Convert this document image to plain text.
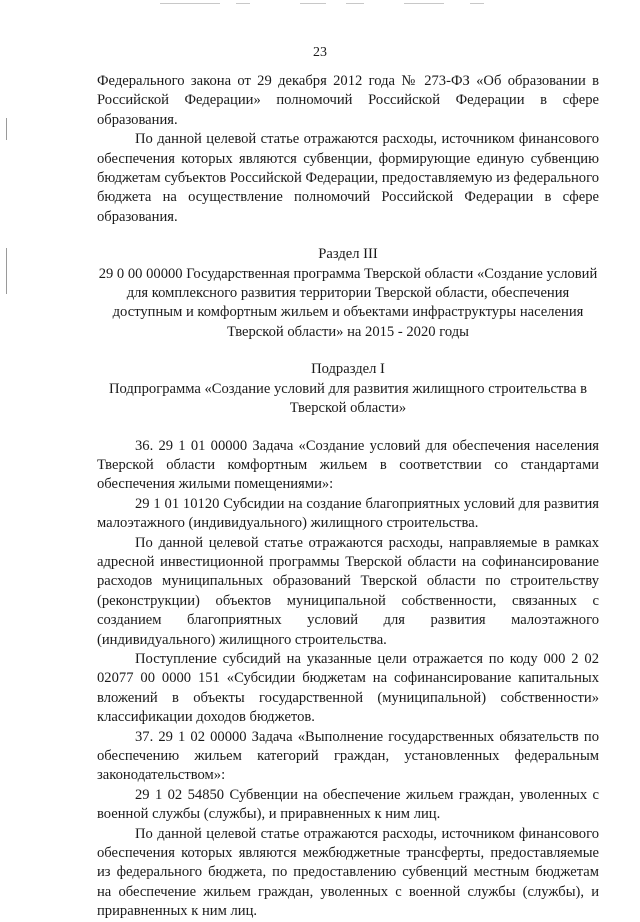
23

Федерального закона от 29 декабря 2012 года № 273-ФЗ «Об образовании в Российской Федерации» полномочий Российской Федерации в сфере образования.

По данной целевой статье отражаются расходы, источником финансового обеспечения которых являются субвенции, формирующие единую субвенцию бюджетам субъектов Российской Федерации, предоставляемую из федерального бюджета на осуществление полномочий Российской Федерации в сфере образования.

Раздел III

29 0 00 00000 Государственная программа Тверской области «Создание условий для комплексного развития территории Тверской области, обеспечения доступным и комфортным жильем и объектами инфраструктуры населения Тверской области» на 2015 - 2020 годы

Подраздел I

Подпрограмма «Создание условий для развития жилищного строительства в Тверской области»

36. 29 1 01 00000 Задача «Создание условий для обеспечения населения Тверской области комфортным жильем в соответствии со стандартами обеспечения жилыми помещениями»:

29 1 01 10120 Субсидии на создание благоприятных условий для развития малоэтажного (индивидуального) жилищного строительства.

По данной целевой статье отражаются расходы, направляемые в рамках адресной инвестиционной программы Тверской области на софинансирование расходов муниципальных образований Тверской области по строительству (реконструкции) объектов муниципальной собственности, связанных с созданием благоприятных условий для развития малоэтажного (индивидуального) жилищного строительства.

Поступление субсидий на указанные цели отражается по коду 000 2 02 02077 00 0000 151 «Субсидии бюджетам на софинансирование капитальных вложений в объекты государственной (муниципальной) собственности» классификации доходов бюджетов.

37. 29 1 02 00000 Задача «Выполнение государственных обязательств по обеспечению жильем категорий граждан, установленных федеральным законодательством»:

29 1 02 54850 Субвенции на обеспечение жильем граждан, уволенных с военной службы (службы), и приравненных к ним лиц.

По данной целевой статье отражаются расходы, источником финансового обеспечения которых являются межбюджетные трансферты, предоставляемые из федерального бюджета, по предоставлению субвенций местным бюджетам на обеспечение жильем граждан, уволенных с военной службы (службы), и приравненных к ним лиц.
